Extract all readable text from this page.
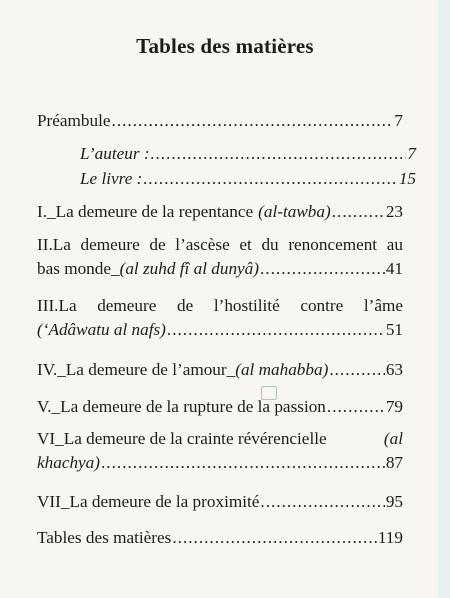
Tables des matières
Préambule .....	7
L’auteur : .....	7
Le livre : .....	15
I._La demeure de la repentance (al-tawba) .....	23
II.La demeure de l’ascèse et du renoncement au
bas monde_ (al zuhd fî al dunyâ) .....	41
III.La demeure de l’hostilité contre l’âme
(‘Adâwatu al nafs) .....	51
IV._La demeure de l’amour_ (al mahabba) .....	63
V._La demeure de la rupture de la passion .....	79
VI_La demeure de la crainte révérencielle	(al
khachya) .....	87
VII_La demeure de la proximité .....	95
Tables des matières .....	119
